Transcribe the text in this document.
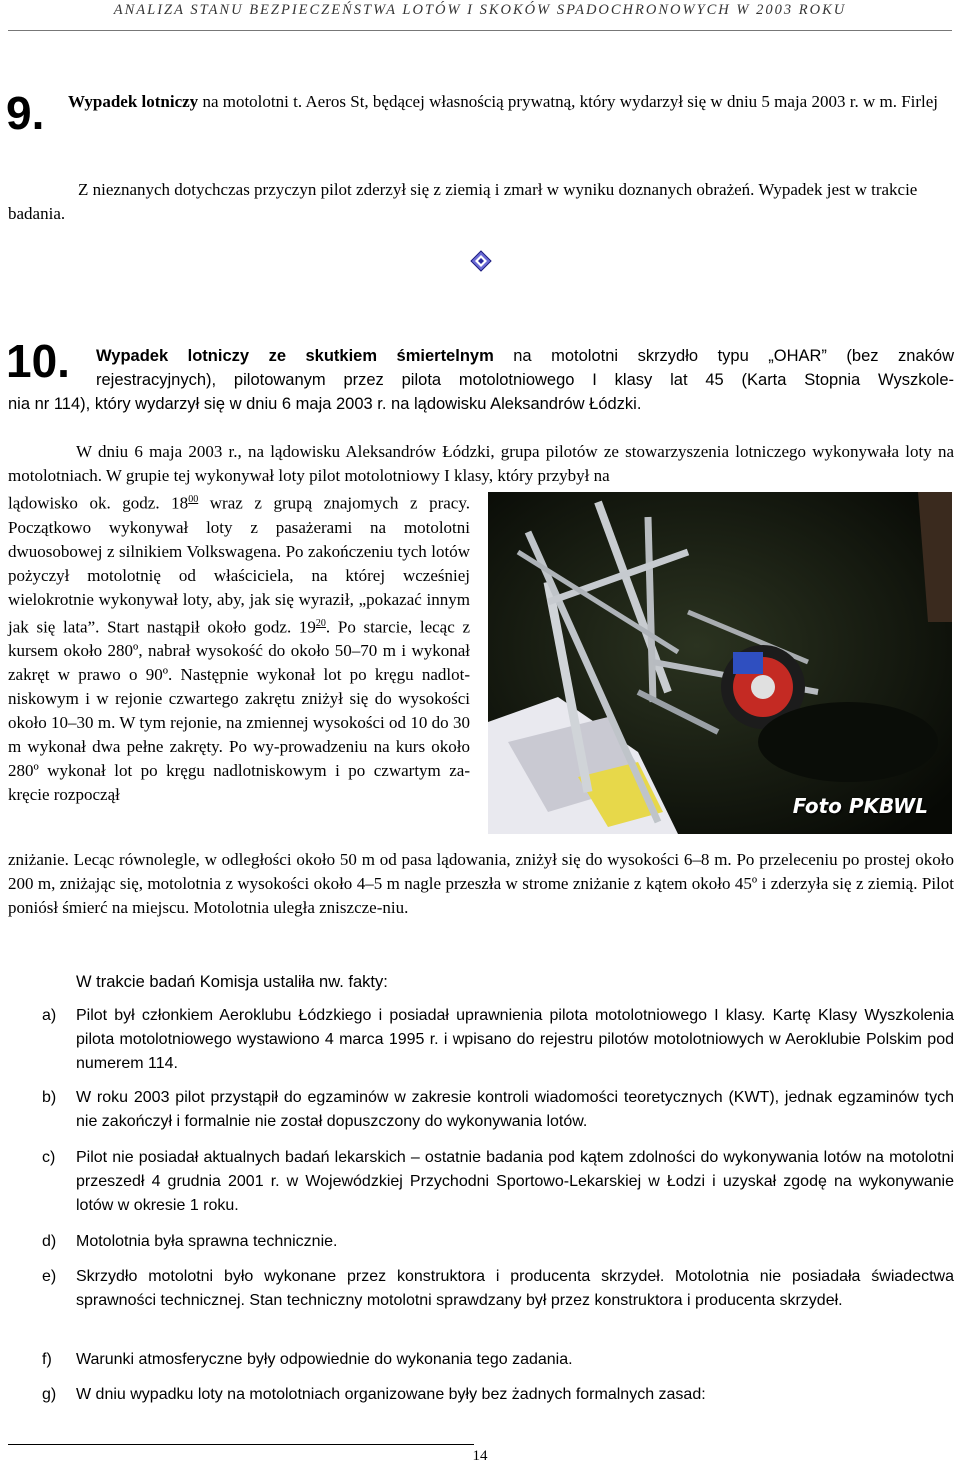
ANALIZA STANU BEZPIECZEŃSTWA LOTÓW I SKOKÓW SPADOCHRONOWYCH W 2003 ROKU
9. Wypadek lotniczy na motolotni t. Aeros St, będącej własnością prywatną, który wydarzył się w dniu 5 maja 2003 r. w m. Firlej
Z nieznanych dotychczas przyczyn pilot zderzył się z ziemią i zmarł w wyniku doznanych obrażeń. Wypadek jest w trakcie badania.
10.	Wypadek lotniczy ze skutkiem śmiertelnym na motolotni skrzydło typu „OHAR” (bez znaków
rejestracyjnych), pilotowanym przez pilota motolotniowego I klasy lat 45 (Karta Stopnia Wyszkole-
nia nr 114), który wydarzył się w dniu 6 maja 2003 r. na lądowisku Aleksandrów Łódzki.
W dniu 6 maja 2003 r., na lądowisku Aleksandrów Łódzki, grupa pilotów ze stowarzyszenia lotniczego wykonywała loty na motolotniach. W grupie tej wykonywał loty pilot motolotniowy I klasy, który przybył na
lądowisko ok. godz. $18^{00}$ wraz z grupą znajomych z pracy. Początkowo wykonywał loty z pasażerami na motolotni dwuosobowej z silnikiem Volkswagena. Po zakończeniu tych lotów pożyczył motolotnię od właściciela, na której wcześniej wielokrotnie wykonywał loty, aby, jak się wyraził, „pokazać innym jak się lata”. Start nastąpił około godz. $19^{20}$. Po starcie, lecąc z kursem około 280º, nabrał wysokość do około 50–70 m i wykonał zakręt w prawo o 90º. Następnie wykonał lot po kręgu nadlot-niskowym i w rejonie czwartego zakrętu zniżył się do wysokości około 10–30 m. W tym rejonie, na zmiennej wysokości od 10 do 30 m wykonał dwa pełne zakręty. Po wy-prowadzeniu na kurs około 280º wykonał lot po kręgu nadlotniskowym i po czwartym za-kręcie rozpoczął	Foto PKBWL
zniżanie. Lecąc równolegle, w odległości około 50 m od pasa lądowania, zniżył się do wysokości 6–8 m. Po przeleceniu po prostej około 200 m, zniżając się, motolotnia z wysokości około 4–5 m nagle przeszła w strome zniżanie z kątem około 45º i zderzyła się z ziemią. Pilot poniósł śmierć na miejscu. Motolotnia uległa zniszcze-niu.
W trakcie badań Komisja ustaliła nw. fakty:
a) Pilot był członkiem Aeroklubu Łódzkiego i posiadał uprawnienia pilota motolotniowego I klasy. Kartę Klasy Wyszkolenia pilota motolotniowego wystawiono 4 marca 1995 r. i wpisano do rejestru pilotów motolotniowych w Aeroklubie Polskim pod numerem 114.
b) W roku 2003 pilot przystąpił do egzaminów w zakresie kontroli wiadomości teoretycznych (KWT), jednak egzaminów tych nie zakończył i formalnie nie został dopuszczony do wykonywania lotów.
c) Pilot nie posiadał aktualnych badań lekarskich – ostatnie badania pod kątem zdolności do wykonywania lotów na motolotni przeszedł 4 grudnia 2001 r. w Wojewódzkiej Przychodni Sportowo-Lekarskiej w Łodzi i uzyskał zgodę na wykonywanie lotów w okresie 1 roku.
d) Motolotnia była sprawna technicznie.
e) Skrzydło motolotni było wykonane przez konstruktora i producenta skrzydeł. Motolotnia nie posiadała świadectwa sprawności technicznej. Stan techniczny motolotni sprawdzany był przez konstruktora i producenta skrzydeł.
f) Warunki atmosferyczne były odpowiednie do wykonania tego zadania.
g) W dniu wypadku loty na motolotniach organizowane były bez żadnych formalnych zasad:
14
